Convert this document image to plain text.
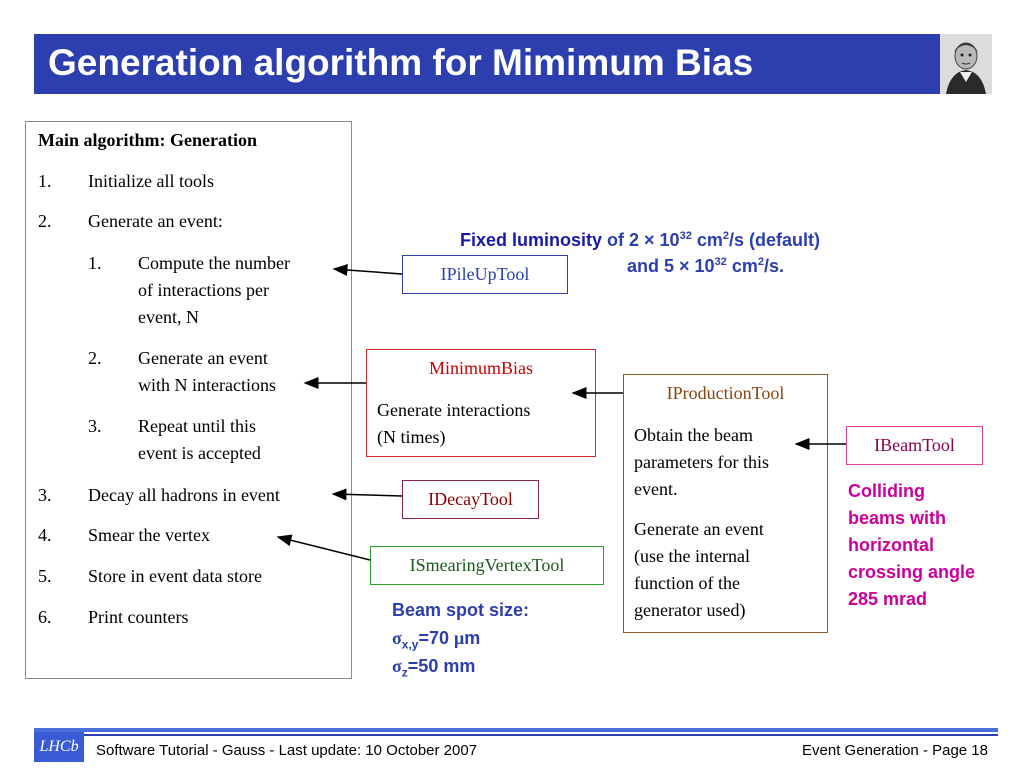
Generation algorithm for Mimimum Bias
Main algorithm: Generation
1. Initialize all tools
2. Generate an event:
1. Compute the number
of interactions per
event, N
2. Generate an event
with N interactions
3. Repeat until this
event is accepted
3. Decay all hadrons in event
4. Smear the vertex
5. Store in event data store
6. Print counters
IPileUpTool
MinimumBias
Generate interactions
(N times)
IDecayTool
ISmearingVertexTool
IProductionTool
Obtain the beam
parameters for this
event.
Generate an event
(use the internal
function of the
generator used)
IBeamTool
Fixed luminosity of $2 \times 10^{32}$ $cm^2/s$ (default)
and $5 \times 10^{32}$ $cm^2/s$.
Beam spot size:
$\sigma_{x,y}=70$ μm
$\sigma_z=50$ mm
Colliding
beams with
horizontal
crossing angle
285 mrad
LHCb	Software Tutorial - Gauss - Last update: 10 October 2007	Event Generation - Page 18
